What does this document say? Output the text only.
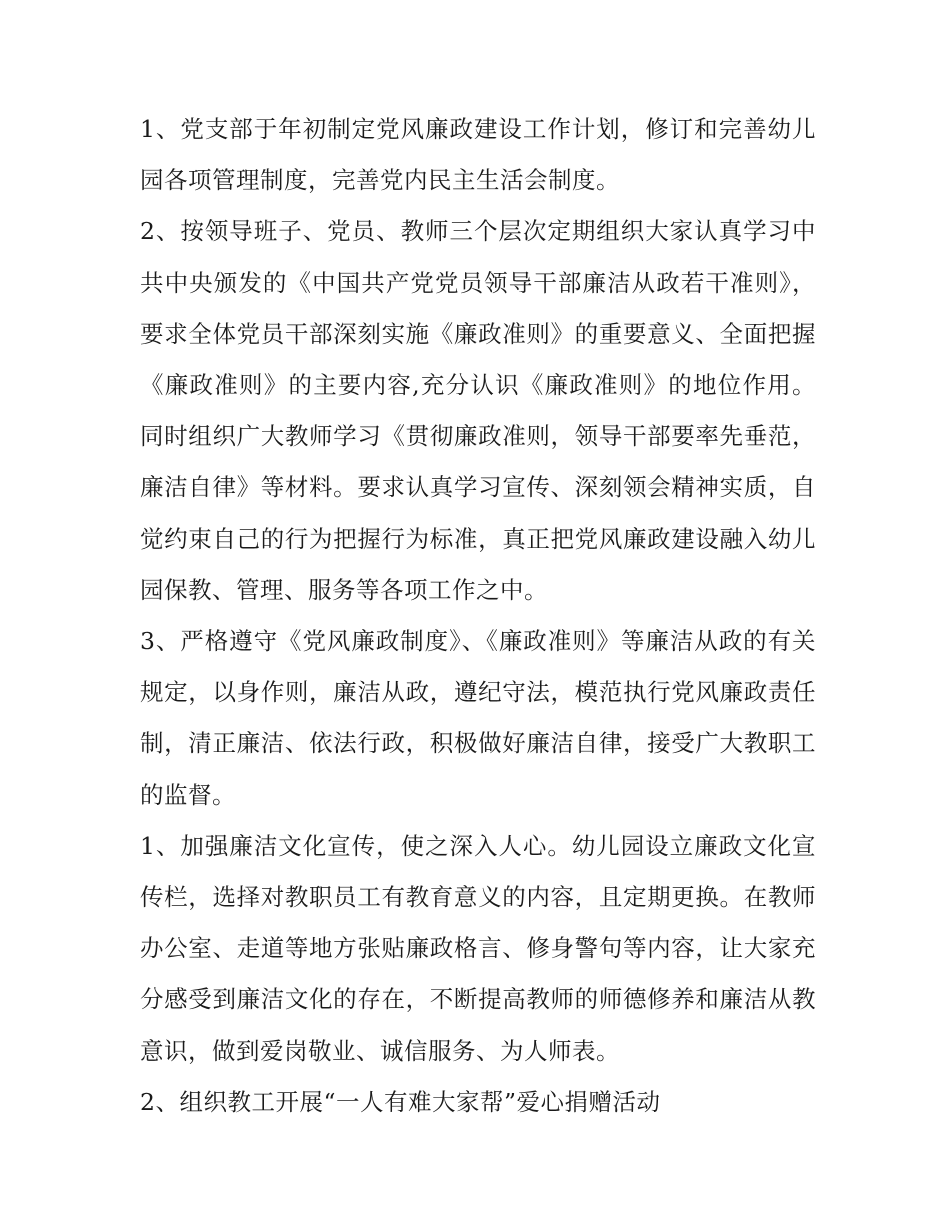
1、党支部于年初制定党风廉政建设工作计划，修订和完善幼儿园各项管理制度，完善党内民主生活会制度。

2、按领导班子、党员、教师三个层次定期组织大家认真学习中共中央颁发的《中国共产党党员领导干部廉洁从政若干准则》，要求全体党员干部深刻实施《廉政准则》的重要意义、全面把握《廉政准则》的主要内容,充分认识《廉政准则》的地位作用。同时组织广大教师学习《贯彻廉政准则，领导干部要率先垂范，廉洁自律》等材料。要求认真学习宣传、深刻领会精神实质，自觉约束自己的行为把握行为标准，真正把党风廉政建设融入幼儿园保教、管理、服务等各项工作之中。

3、严格遵守《党风廉政制度》、《廉政准则》等廉洁从政的有关规定，以身作则，廉洁从政，遵纪守法，模范执行党风廉政责任制，清正廉洁、依法行政，积极做好廉洁自律，接受广大教职工的监督。

1、加强廉洁文化宣传，使之深入人心。幼儿园设立廉政文化宣传栏，选择对教职员工有教育意义的内容，且定期更换。在教师办公室、走道等地方张贴廉政格言、修身警句等内容，让大家充分感受到廉洁文化的存在，不断提高教师的师德修养和廉洁从教意识，做到爱岗敬业、诚信服务、为人师表。

2、组织教工开展“一人有难大家帮”爱心捐赠活动
